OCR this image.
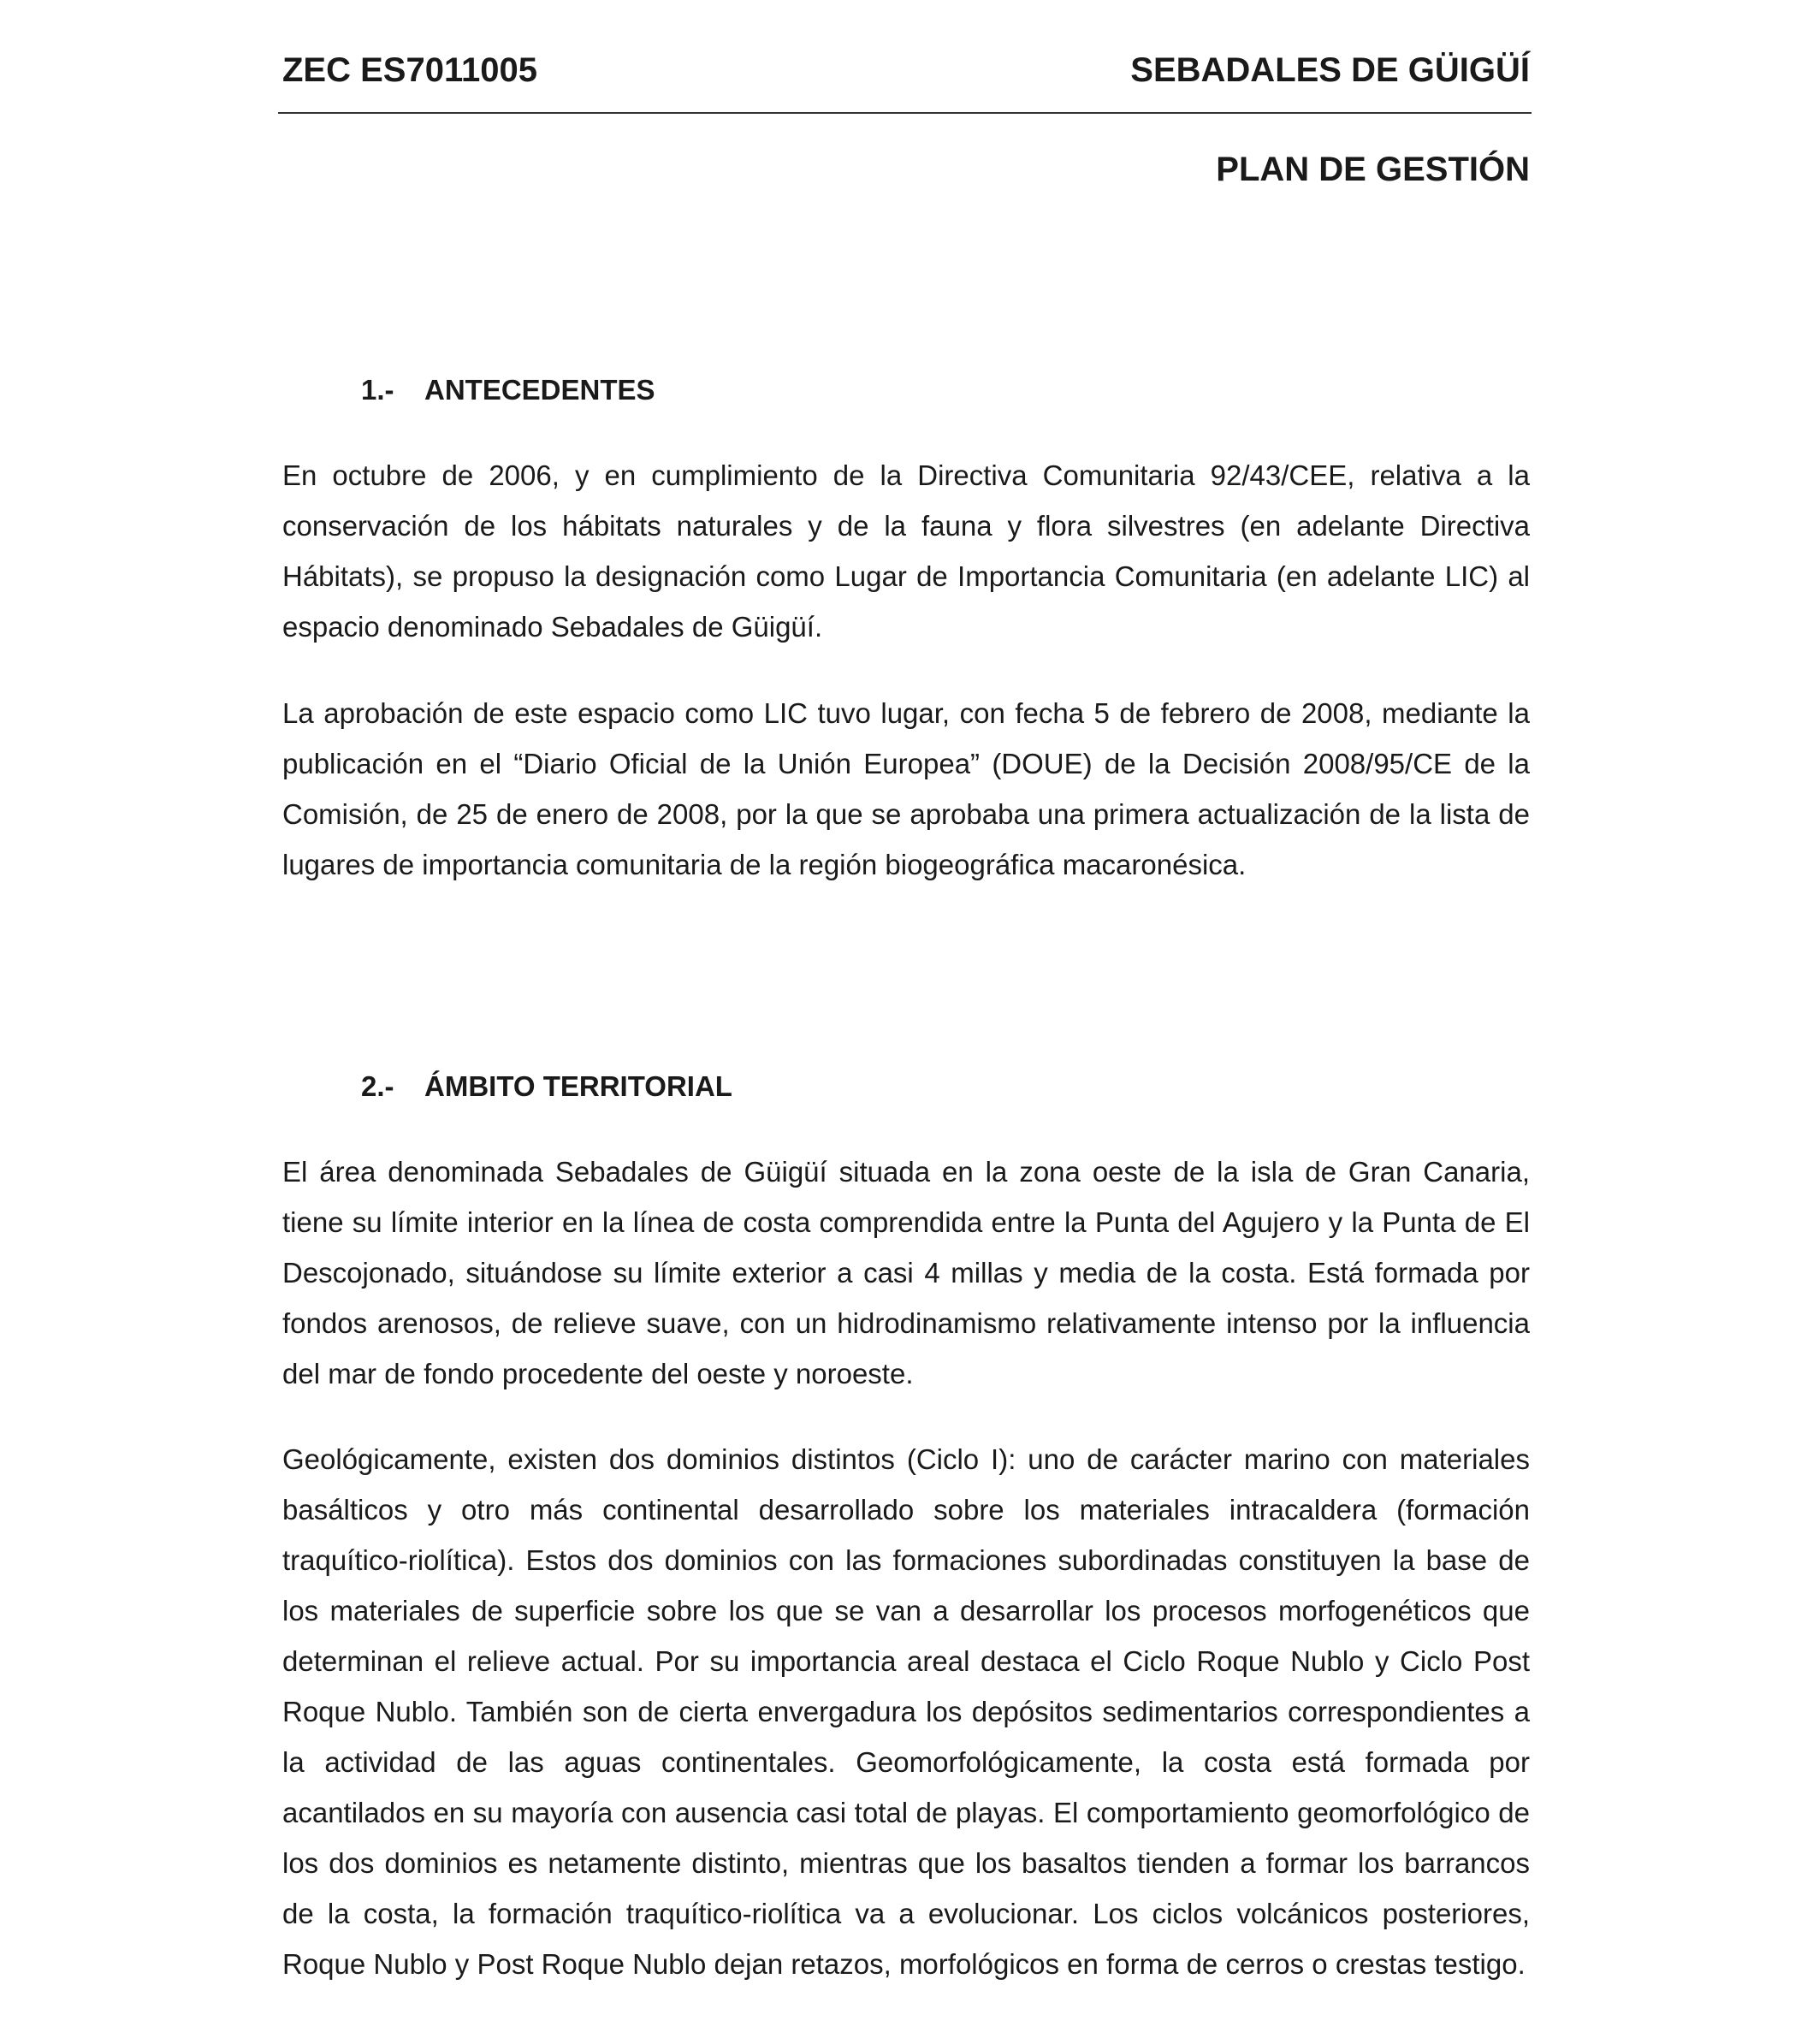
ZEC ES7011005	SEBADALES DE GÜIGÜÍ
PLAN DE GESTIÓN
1.- ANTECEDENTES

En octubre de 2006, y en cumplimiento de la Directiva Comunitaria 92/43/CEE, relativa a la conservación de los hábitats naturales y de la fauna y flora silvestres (en adelante Directiva Hábitats), se propuso la designación como Lugar de Importancia Comunitaria (en adelante LIC) al espacio denominado Sebadales de Güigüí.

La aprobación de este espacio como LIC tuvo lugar, con fecha 5 de febrero de 2008, mediante la publicación en el “Diario Oficial de la Unión Europea” (DOUE) de la Decisión 2008/95/CE de la Comisión, de 25 de enero de 2008, por la que se aprobaba una primera actualización de la lista de lugares de importancia comunitaria de la región biogeográfica macaronésica.

2.- ÁMBITO TERRITORIAL

El área denominada Sebadales de Güigüí situada en la zona oeste de la isla de Gran Canaria, tiene su límite interior en la línea de costa comprendida entre la Punta del Agujero y la Punta de El Descojonado, situándose su límite exterior a casi 4 millas y media de la costa. Está formada por fondos arenosos, de relieve suave, con un hidrodinamismo relativamente intenso por la influencia del mar de fondo procedente del oeste y noroeste.

Geológicamente, existen dos dominios distintos (Ciclo I): uno de carácter marino con materiales basálticos y otro más continental desarrollado sobre los materiales intracaldera (formación traquítico-riolítica). Estos dos dominios con las formaciones subordinadas constituyen la base de los materiales de superficie sobre los que se van a desarrollar los procesos morfogenéticos que determinan el relieve actual. Por su importancia areal destaca el Ciclo Roque Nublo y Ciclo Post Roque Nublo. También son de cierta envergadura los depósitos sedimentarios correspondientes a la actividad de las aguas continentales. Geomorfológicamente, la costa está formada por acantilados en su mayoría con ausencia casi total de playas. El comportamiento geomorfológico de los dos dominios es netamente distinto, mientras que los basaltos tienden a formar los barrancos de la costa, la formación traquítico-riolítica va a evolucionar. Los ciclos volcánicos posteriores, Roque Nublo y Post Roque Nublo dejan retazos, morfológicos en forma de cerros o crestas testigo.
